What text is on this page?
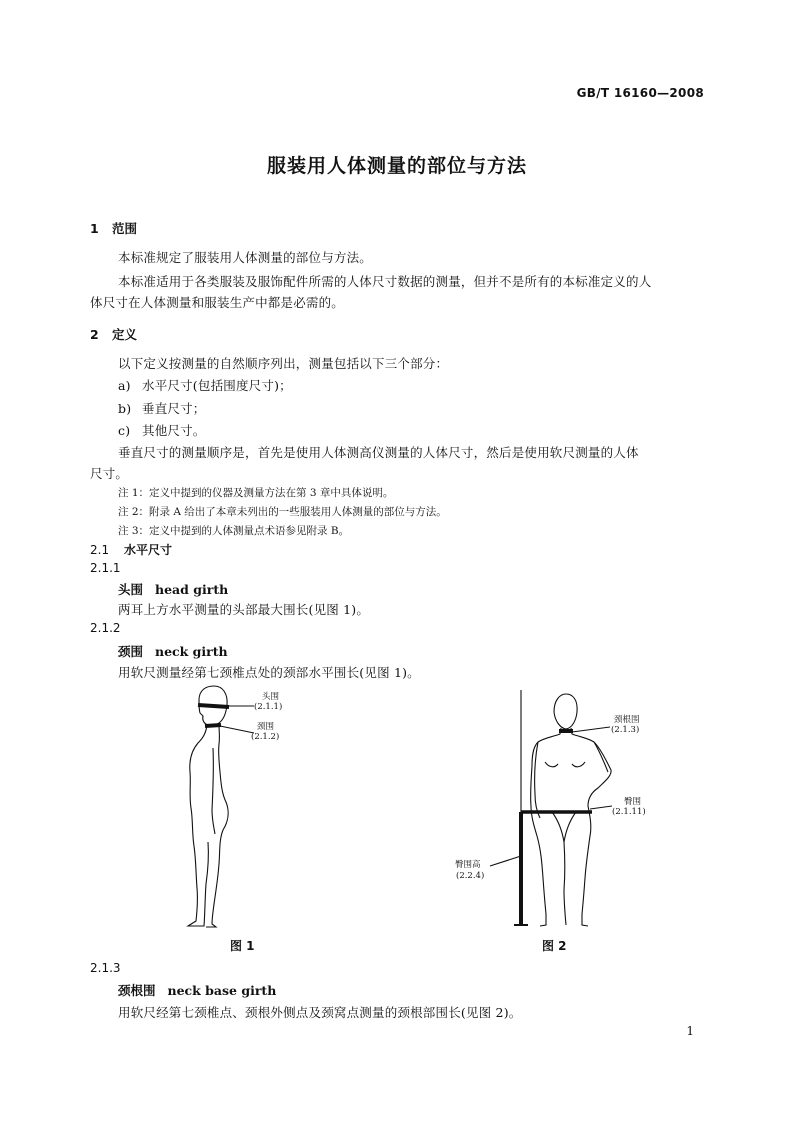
GB/T 16160—2008
服装用人体测量的部位与方法
1 范围
本标准规定了服装用人体测量的部位与方法。
本标准适用于各类服装及服饰配件所需的人体尺寸数据的测量，但并不是所有的本标准定义的人
体尺寸在人体测量和服装生产中都是必需的。
2 定义
以下定义按测量的自然顺序列出，测量包括以下三个部分：
a) 水平尺寸(包括围度尺寸)；
b) 垂直尺寸；
c) 其他尺寸。
垂直尺寸的测量顺序是，首先是使用人体测高仪测量的人体尺寸，然后是使用软尺测量的人体
尺寸。
注 1：定义中提到的仪器及测量方法在第 3 章中具体说明。
注 2：附录 A 给出了本章未列出的一些服装用人体测量的部位与方法。
注 3：定义中提到的人体测量点术语参见附录 B。
2.1 水平尺寸
2.1.1
头围 head girth
两耳上方水平测量的头部最大围长(见图 1)。
2.1.2
颈围 neck girth
用软尺测量经第七颈椎点处的颈部水平围长(见图 1)。
头围
(2.1.1)
颈围
(2.1.2)
图 1
颈根围
(2.1.3)
臀围
(2.1.11)
臀围高
(2.2.4)
图 2
2.1.3
颈根围 neck base girth
用软尺经第七颈椎点、颈根外侧点及颈窝点测量的颈根部围长(见图 2)。
1
